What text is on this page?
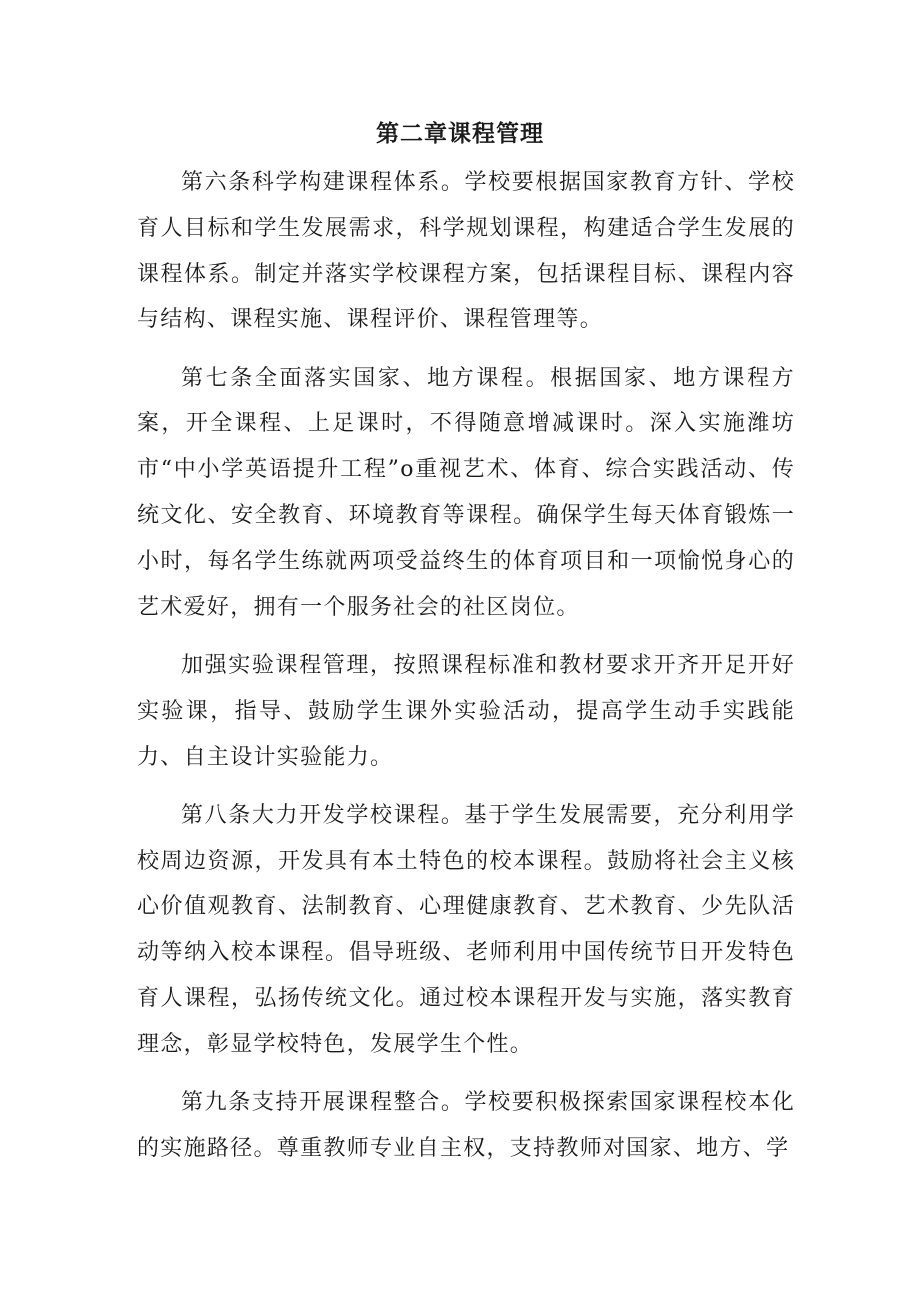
第二章课程管理

第六条科学构建课程体系。学校要根据国家教育方针、学校育人目标和学生发展需求，科学规划课程，构建适合学生发展的课程体系。制定并落实学校课程方案，包括课程目标、课程内容与结构、课程实施、课程评价、课程管理等。

第七条全面落实国家、地方课程。根据国家、地方课程方案，开全课程、上足课时，不得随意增减课时。深入实施潍坊市“中小学英语提升工程”o重视艺术、体育、综合实践活动、传统文化、安全教育、环境教育等课程。确保学生每天体育锻炼一小时，每名学生练就两项受益终生的体育项目和一项愉悦身心的艺术爱好，拥有一个服务社会的社区岗位。

加强实验课程管理，按照课程标准和教材要求开齐开足开好实验课，指导、鼓励学生课外实验活动，提高学生动手实践能力、自主设计实验能力。

第八条大力开发学校课程。基于学生发展需要，充分利用学校周边资源，开发具有本土特色的校本课程。鼓励将社会主义核心价值观教育、法制教育、心理健康教育、艺术教育、少先队活动等纳入校本课程。倡导班级、老师利用中国传统节日开发特色育人课程，弘扬传统文化。通过校本课程开发与实施，落实教育理念，彰显学校特色，发展学生个性。

第九条支持开展课程整合。学校要积极探索国家课程校本化的实施路径。尊重教师专业自主权，支持教师对国家、地方、学
